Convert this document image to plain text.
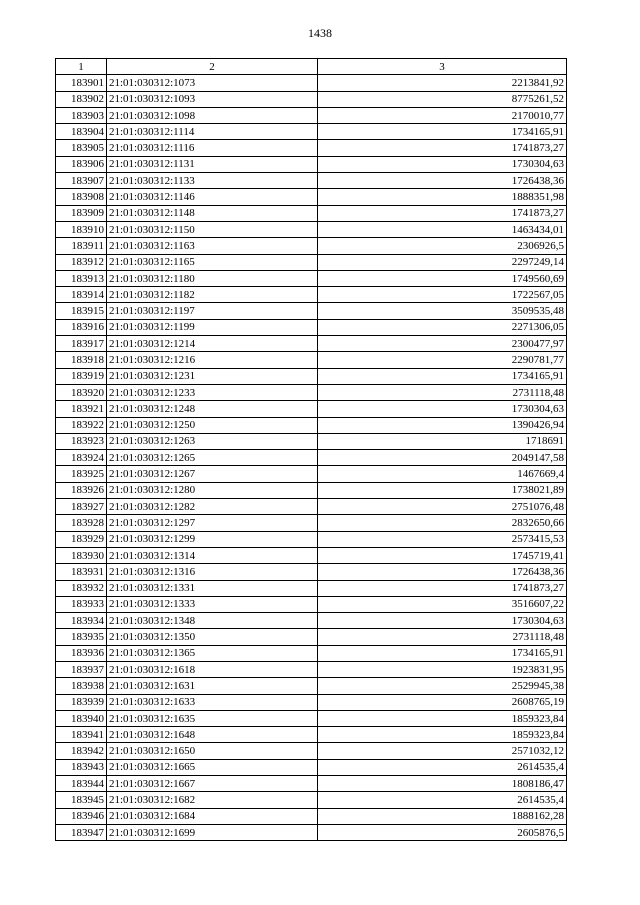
1438
1	2	3
183901	21:01:030312:1073	2213841,92
183902	21:01:030312:1093	8775261,52
183903	21:01:030312:1098	2170010,77
183904	21:01:030312:1114	1734165,91
183905	21:01:030312:1116	1741873,27
183906	21:01:030312:1131	1730304,63
183907	21:01:030312:1133	1726438,36
183908	21:01:030312:1146	1888351,98
183909	21:01:030312:1148	1741873,27
183910	21:01:030312:1150	1463434,01
183911	21:01:030312:1163	2306926,5
183912	21:01:030312:1165	2297249,14
183913	21:01:030312:1180	1749560,69
183914	21:01:030312:1182	1722567,05
183915	21:01:030312:1197	3509535,48
183916	21:01:030312:1199	2271306,05
183917	21:01:030312:1214	2300477,97
183918	21:01:030312:1216	2290781,77
183919	21:01:030312:1231	1734165,91
183920	21:01:030312:1233	2731118,48
183921	21:01:030312:1248	1730304,63
183922	21:01:030312:1250	1390426,94
183923	21:01:030312:1263	1718691
183924	21:01:030312:1265	2049147,58
183925	21:01:030312:1267	1467669,4
183926	21:01:030312:1280	1738021,89
183927	21:01:030312:1282	2751076,48
183928	21:01:030312:1297	2832650,66
183929	21:01:030312:1299	2573415,53
183930	21:01:030312:1314	1745719,41
183931	21:01:030312:1316	1726438,36
183932	21:01:030312:1331	1741873,27
183933	21:01:030312:1333	3516607,22
183934	21:01:030312:1348	1730304,63
183935	21:01:030312:1350	2731118,48
183936	21:01:030312:1365	1734165,91
183937	21:01:030312:1618	1923831,95
183938	21:01:030312:1631	2529945,38
183939	21:01:030312:1633	2608765,19
183940	21:01:030312:1635	1859323,84
183941	21:01:030312:1648	1859323,84
183942	21:01:030312:1650	2571032,12
183943	21:01:030312:1665	2614535,4
183944	21:01:030312:1667	1808186,47
183945	21:01:030312:1682	2614535,4
183946	21:01:030312:1684	1888162,28
183947	21:01:030312:1699	2605876,5
